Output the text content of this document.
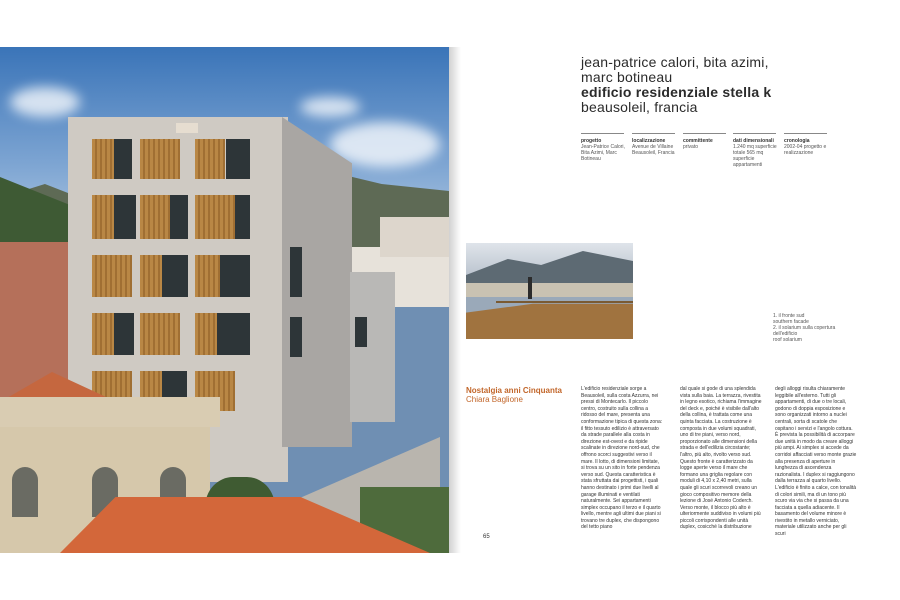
jean-patrice calori, bita azimi,
marc botineau
edificio residenziale stella k
beausoleil, francia
progetto
Jean-Patrice Calori, Bita Azimi, Marc Botineau
localizzazione
Avenue de Villaine Beausoleil, Francia
committente
privato
dati dimensionali
1.240 mq superficie totale 565 mq superficie appartamenti
cronologia
2002-04 progetto e realizzazione
1. il fronte sud
southern facade
2. il solarium sulla copertura dell'edificio
roof solarium
Nostalgia anni Cinquanta
Chiara Baglione
L'edificio residenziale sorge a Beausoleil, sulla costa Azzurra, nei pressi di Montecarlo. Il piccolo centro, costruito sulla collina a ridosso del mare, presenta una conformazione tipica di questa zona: il fitto tessuto edilizio è attraversato da strade parallele alla costa in direzione est-ovest e da ripide scalinate in direzione nord-sud, che offrono scorci suggestivi verso il mare. Il lotto, di dimensioni limitate, si trova su un sito in forte pendenza verso sud. Questa caratteristica è stata sfruttata dai progettisti, i quali hanno destinato i primi due livelli al garage illuminati e ventilati naturalmente. Sei appartamenti simplex occupano il terzo e il quarto livello, mentre agli ultimi due piani si trovano tre duplex, che dispongono del tetto piano
dal quale si gode di una splendida vista sulla baia. La terrazza, rivestita in legno esotico, richiama l'immagine del deck e, poiché è visibile dall'alto della collina, è trattata come una quinta facciata. La costruzione è composta in due volumi squadrati, uno di tre piani, verso nord, proporzionato alle dimensioni della strada e dell'edilizia circostante; l'altro, più alto, rivolto verso sud. Questo fronte è caratterizzato da logge aperte verso il mare che formano una griglia regolare con moduli di 4,10 x 2,40 metri, sulla quale gli scuri scorrevoli creano un gioco compositivo memore della lezione di José Antonio Coderch. Verso monte, il blocco più alto è ulteriormente suddiviso in volumi più piccoli corrispondenti alle unità duplex, cosicché la distribuzione
degli alloggi risulta chiaramente leggibile all'esterno. Tutti gli appartamenti, di due o tre locali, godono di doppia esposizione e sono organizzati intorno a nuclei centrali, sorta di scatole che ospitano i servizi e l'angolo cottura. È prevista la possibilità di accorpare due unità in modo da creare alloggi più ampi. Ai simplex si accede da corridoi affacciati verso monte grazie alla presenza di aperture in lunghezza di ascendenza razionalista. I duplex si raggiungono dalla terrazza al quarto livello. L'edificio è finito a calce, con tonalità di colori simili, ma di un tono più scuro via via che si passa da una facciata a quella adiacente. Il basamento del volume minore è rivestito in metallo verniciato, materiale utilizzato anche per gli scuri
65
